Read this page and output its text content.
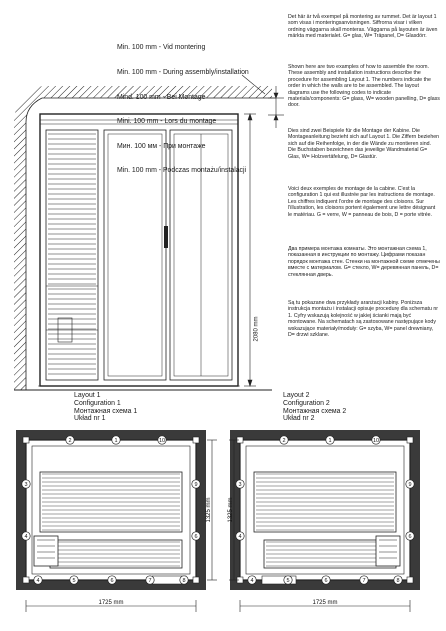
2080 mm

Min. 100 mm - Vid montering

Min. 100 mm - During assembly/installation

Mind. 100 mm - Bei Montage

Mini. 100 mm - Lors du montage

Мин. 100 мм - При монтаже

Min. 100 mm - Podczas montażu/instalacji

Det här är två exempel på montering av rummet. Det är layout 1 som visas i monteringsanvisningen. Siffrorna visar i vilken ordning väggarna skall monteras. Väggarna på layouten är även märkta med materialet. G= glas, W= Träpanel, D= Glasdörr.
Shown here are two examples of how to assemble the room. These assembly and installation instructions describe the procedure for assembling Layout 1. The numbers indicate the order in which the walls are to be assembled. The layout diagrams use the following codes to indicate materials/components: G= glass, W= wooden panelling, D= glass door.
Dies sind zwei Beispiele für die Montage der Kabine. Die Montageanleitung bezieht sich auf Layout 1. Die Ziffern beziehen sich auf die Reihenfolge, in der die Wände zu montieren sind. Die Buchstaben bezeichnen das jeweilige Wandmaterial G= Glas, W= Holzvertäfelung, D= Glastür.
Voici deux exemples de montage de la cabine. C'est la configuration 1 qui est illustrée par les instructions de montage. Les chiffres indiquent l'ordre de montage des cloisons. Sur l'illustration, les cloisons portent également une lettre désignant le matériau. G = verre, W = panneau de bois, D = porte vitrée.
Два примера монтажа комнаты. Это монтажная схема 1, показанная в инструкции по монтажу. Цифрами показан порядок монтажа стен. Стенки на монтажной схеме отмечены вместе с материалом. G= стекло, W= деревянная панель, D= стеклянная дверь.
Są tu pokazane dwa przykłady aranżacji kabiny. Poniższa instrukcja montażu i instalacji opisuje procedurę dla schematu nr 1. Cyfry wskazują kolejność w jakiej ścianki mają być montowane. Na schematach są zastosowane następujące kody wskazujące materiały/moduły: G= szyba, W= panel drewniany, D= drzwi szklane.
Layout 1
Configuration 1
Монтажная схема 1
Układ nr 1
Layout 2
Configuration 2
Монтажная схема 2
Układ nr 2
2	1	10
3
4
9
6
4	5	6	7	8
1725 mm
1325 mm
2	1	10
3
4
9
6
4	5	6	7	8
1725 mm
1325 mm
